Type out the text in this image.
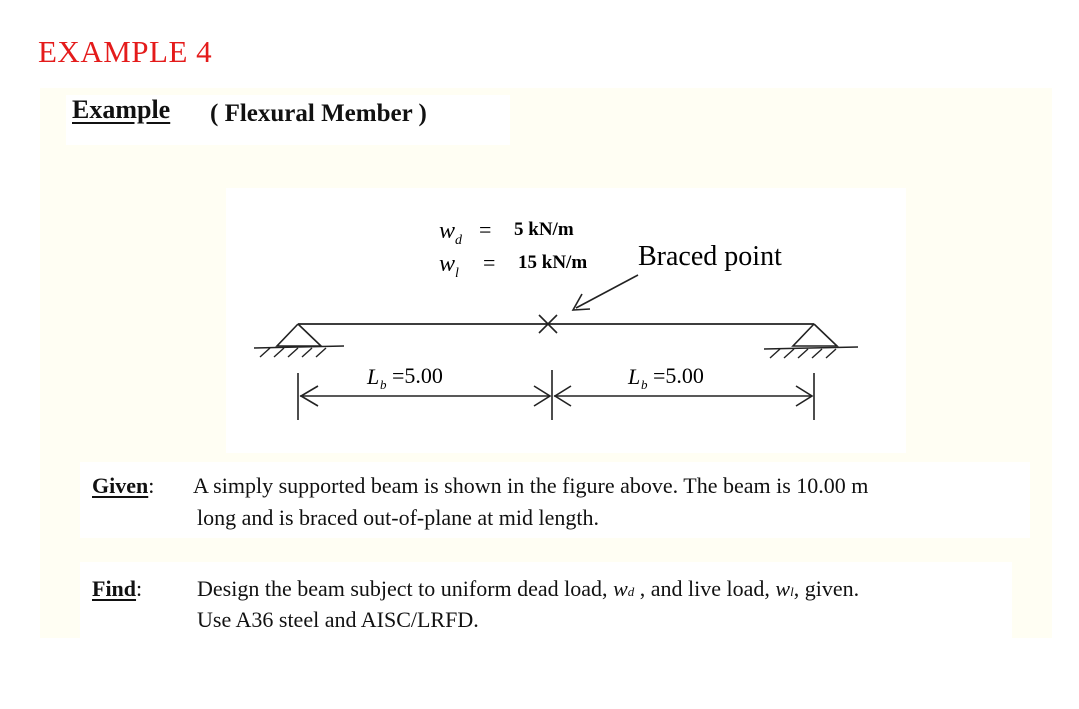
EXAMPLE 4
Example ( Flexural Member )
w d = 5 kN/m
w l = 15 kN/m Braced point
L b =5.00	L b =5.00
Given: A simply supported beam is shown in the figure above. The beam is 10.00 m
long and is braced out-of-plane at mid length.
Find: Design the beam subject to uniform dead load, wd , and live load, wl, given.
Use A36 steel and AISC/LRFD.
